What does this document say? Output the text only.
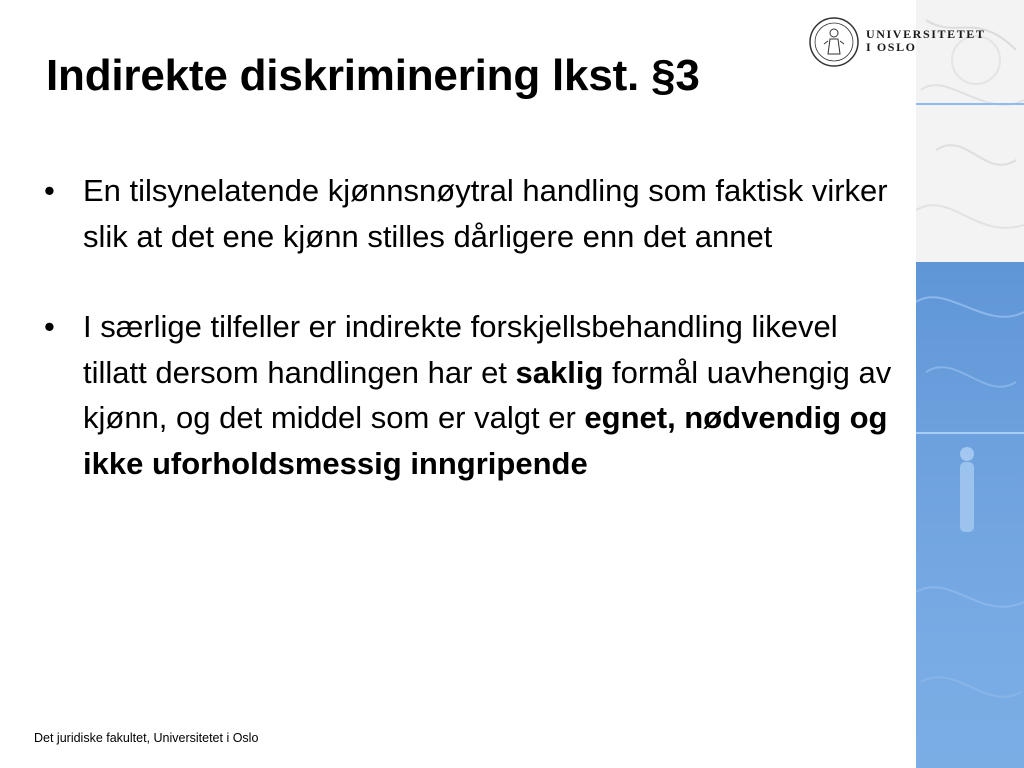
UNIVERSITETET
I OSLO
Indirekte diskriminering lkst. §3
• En tilsynelatende kjønnsnøytral handling som faktisk virker slik at det ene kjønn stilles dårligere enn det annet
• I særlige tilfeller er indirekte forskjellsbehandling likevel tillatt dersom handlingen har et saklig formål uavhengig av kjønn, og det middel som er valgt er egnet, nødvendig og ikke uforholdsmessig inngripende
Det juridiske fakultet, Universitetet i Oslo
